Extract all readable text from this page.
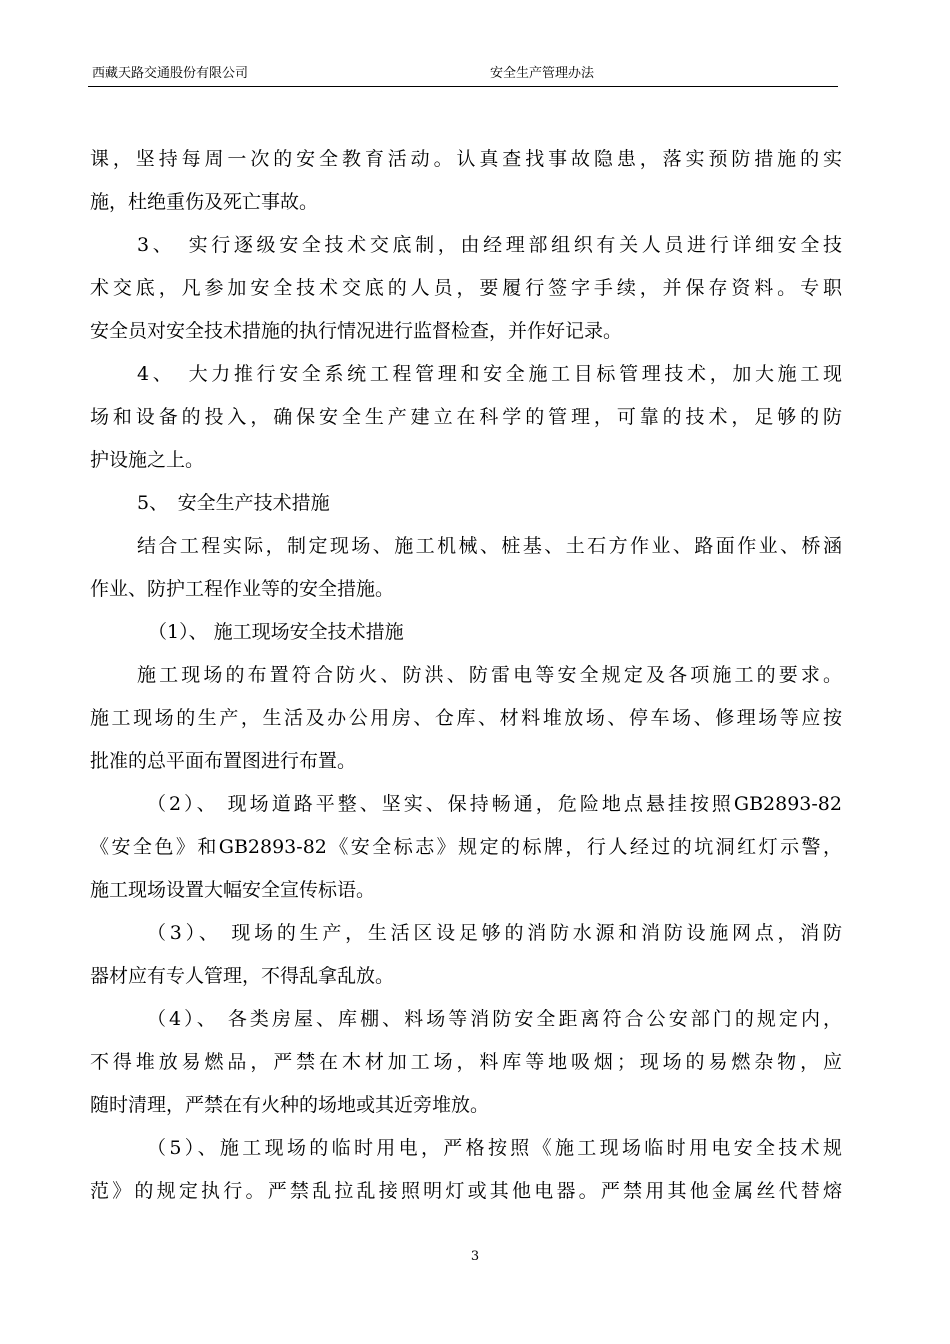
西藏天路交通股份有限公司	安全生产管理办法
课，坚持每周一次的安全教育活动。认真查找事故隐患，落实预防措施的实
施，杜绝重伤及死亡事故。
3、　实行逐级安全技术交底制，由经理部组织有关人员进行详细安全技
术交底，凡参加安全技术交底的人员，要履行签字手续，并保存资料。专职
安全员对安全技术措施的执行情况进行监督检查，并作好记录。
4、　大力推行安全系统工程管理和安全施工目标管理技术，加大施工现
场和设备的投入，确保安全生产建立在科学的管理，可靠的技术，足够的防
护设施之上。
5、　安全生产技术措施
结合工程实际，制定现场、施工机械、桩基、土石方作业、路面作业、桥涵
作业、防护工程作业等的安全措施。
（1）、 施工现场安全技术措施
施工现场的布置符合防火、防洪、防雷电等安全规定及各项施工的要求。
施工现场的生产，生活及办公用房、仓库、材料堆放场、停车场、修理场等应按
批准的总平面布置图进行布置。
（2）、 现场道路平整、坚实、保持畅通，危险地点悬挂按照GB2893-82
《安全色》和GB2893-82《安全标志》规定的标牌，行人经过的坑洞红灯示警，
施工现场设置大幅安全宣传标语。
（3）、 现场的生产，生活区设足够的消防水源和消防设施网点，消防
器材应有专人管理，不得乱拿乱放。
（4）、 各类房屋、库棚、料场等消防安全距离符合公安部门的规定内，
不得堆放易燃品，严禁在木材加工场，料库等地吸烟；现场的易燃杂物，应
随时清理，严禁在有火种的场地或其近旁堆放。
（5）、施工现场的临时用电，严格按照《施工现场临时用电安全技术规
范》的规定执行。严禁乱拉乱接照明灯或其他电器。严禁用其他金属丝代替熔
3
